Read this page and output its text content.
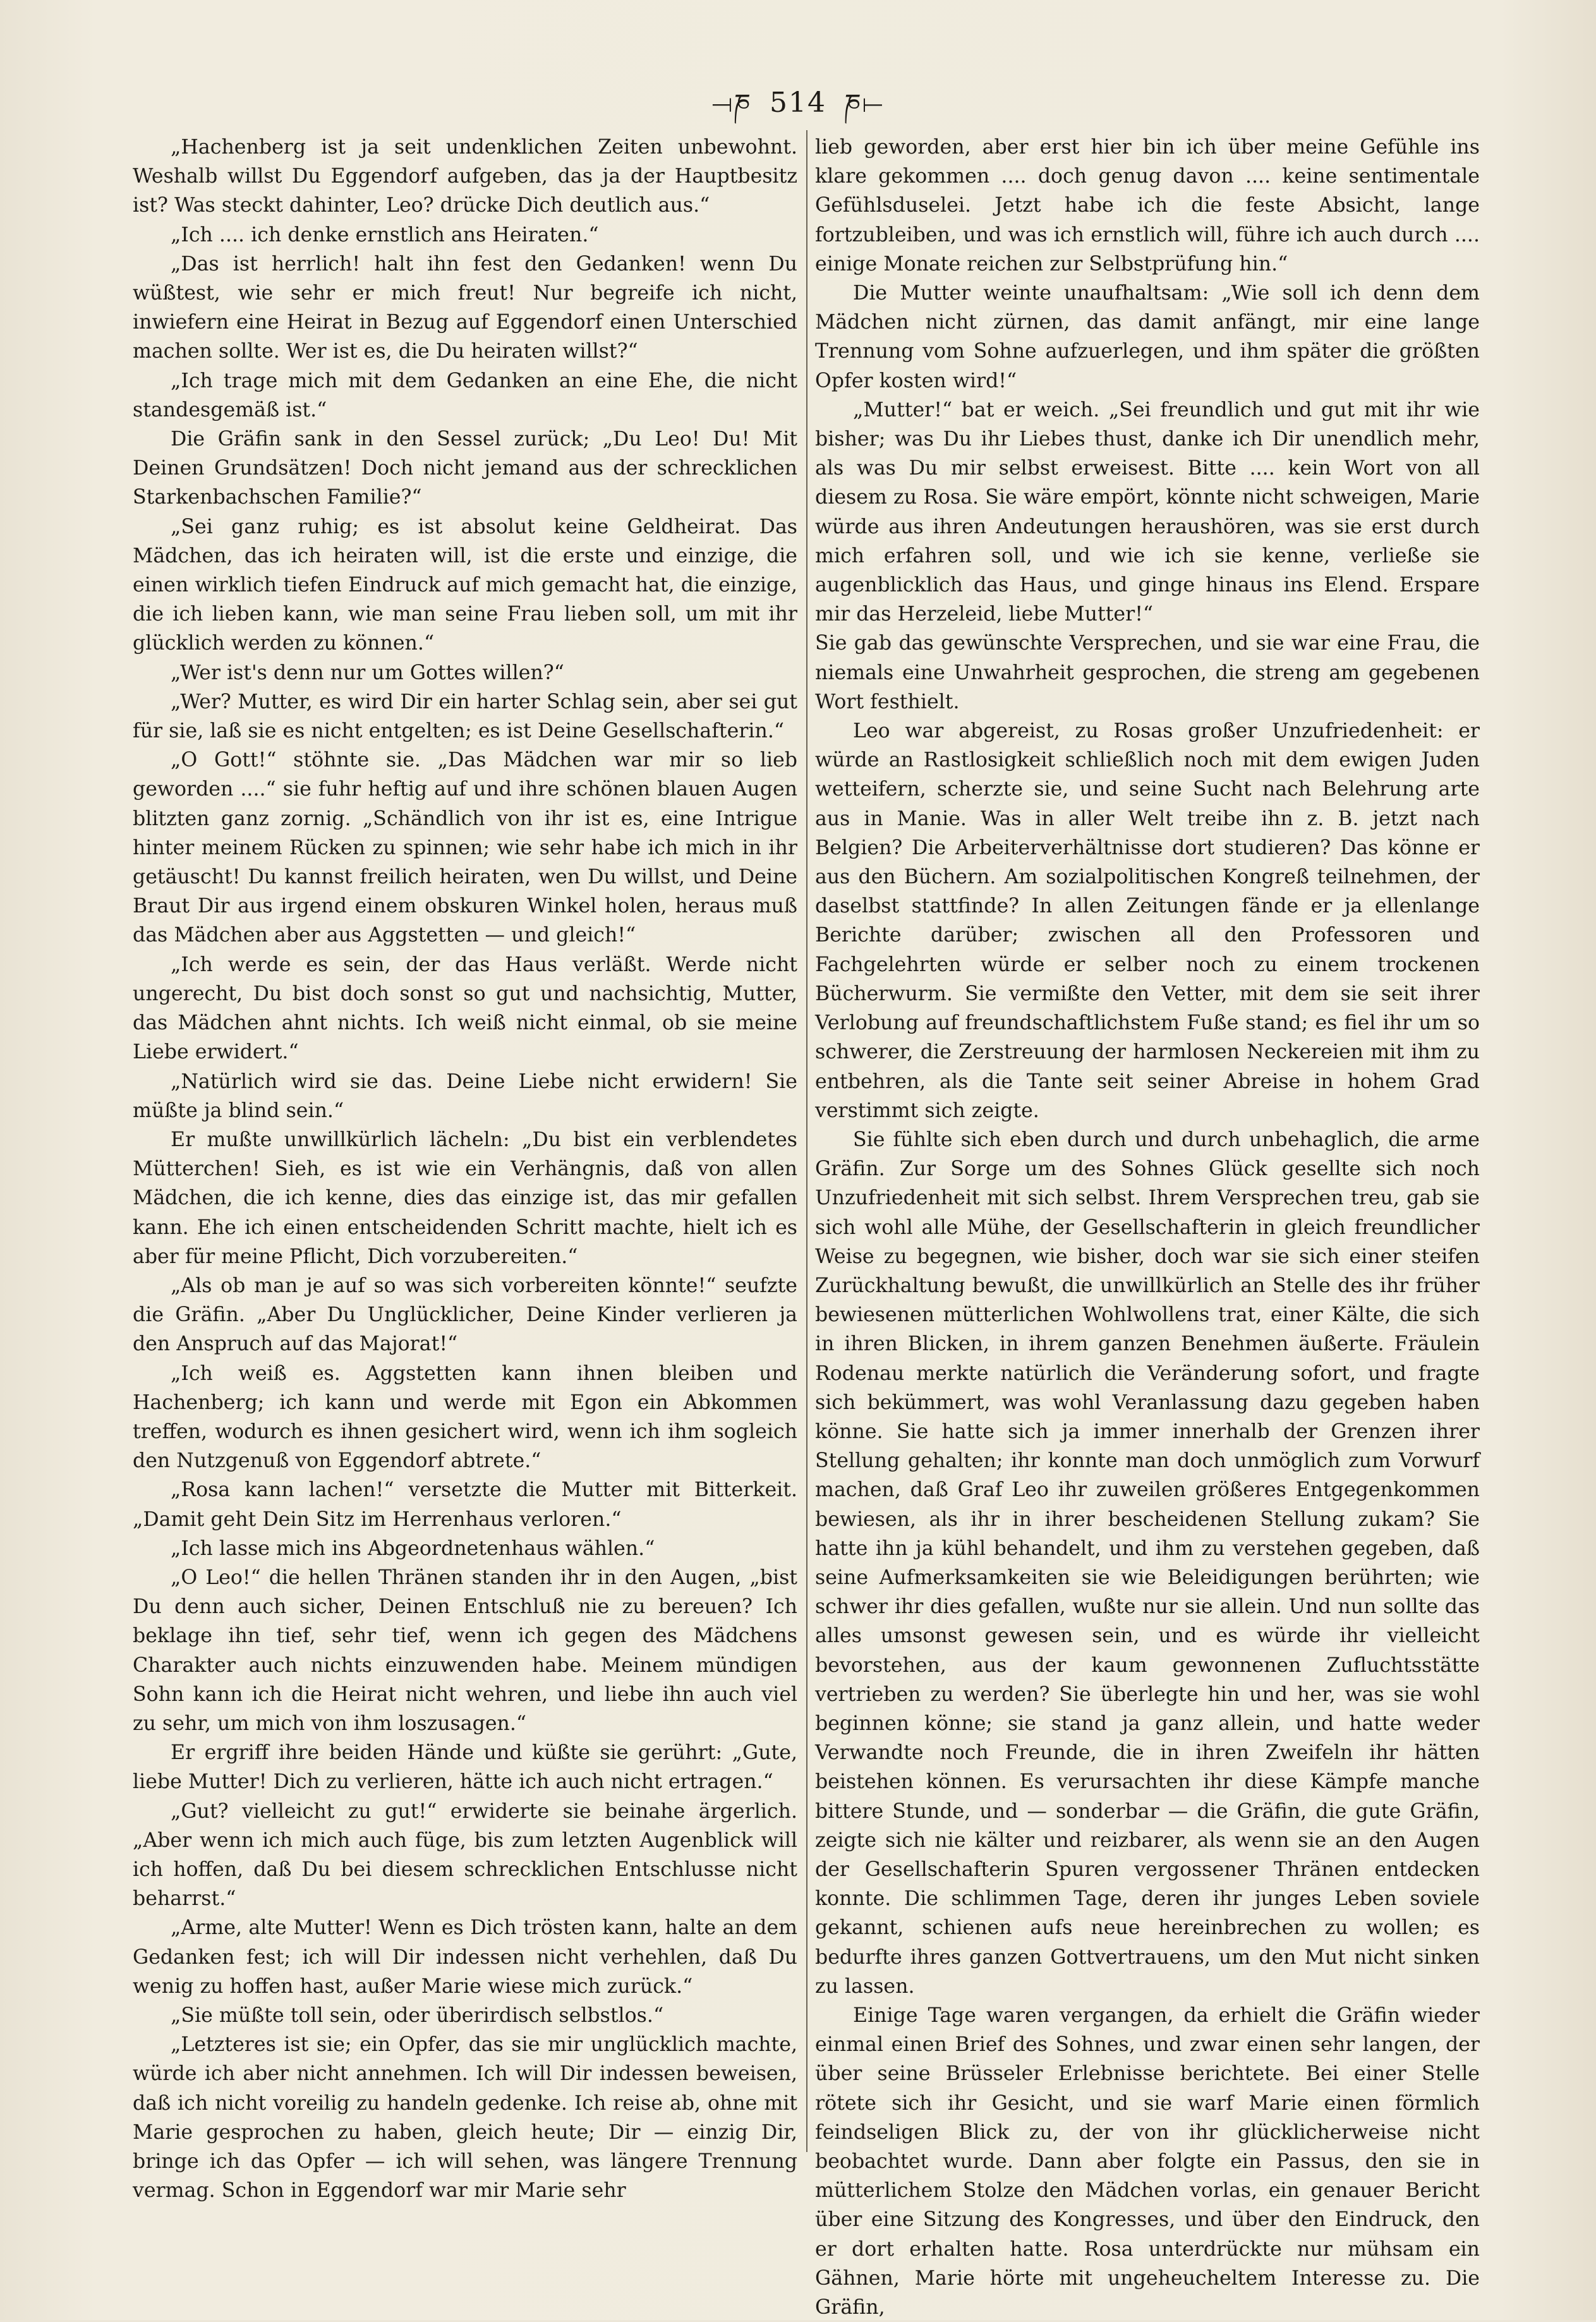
⟞ཎ 514 ཎ⟝

„Hachenberg ist ja seit undenklichen Zeiten unbewohnt. Weshalb willst Du Eggendorf aufgeben, das ja der Hauptbesitz ist? Was steckt dahinter, Leo? drücke Dich deutlich aus.“

„Ich .... ich denke ernstlich ans Heiraten.“

„Das ist herrlich! halt ihn fest den Gedanken! wenn Du wüßtest, wie sehr er mich freut! Nur begreife ich nicht, inwiefern eine Heirat in Bezug auf Eggendorf einen Unterschied machen sollte. Wer ist es, die Du heiraten willst?“

„Ich trage mich mit dem Gedanken an eine Ehe, die nicht standesgemäß ist.“

Die Gräfin sank in den Sessel zurück; „Du Leo! Du! Mit Deinen Grundsätzen! Doch nicht jemand aus der schrecklichen Starkenbachschen Familie?“

„Sei ganz ruhig; es ist absolut keine Geldheirat. Das Mädchen, das ich heiraten will, ist die erste und einzige, die einen wirklich tiefen Eindruck auf mich gemacht hat, die einzige, die ich lieben kann, wie man seine Frau lieben soll, um mit ihr glücklich werden zu können.“

„Wer ist's denn nur um Gottes willen?“

„Wer? Mutter, es wird Dir ein harter Schlag sein, aber sei gut für sie, laß sie es nicht entgelten; es ist Deine Gesellschafterin.“

„O Gott!“ stöhnte sie. „Das Mädchen war mir so lieb geworden ....“ sie fuhr heftig auf und ihre schönen blauen Augen blitzten ganz zornig. „Schändlich von ihr ist es, eine Intrigue hinter meinem Rücken zu spinnen; wie sehr habe ich mich in ihr getäuscht! Du kannst freilich heiraten, wen Du willst, und Deine Braut Dir aus irgend einem obskuren Winkel holen, heraus muß das Mädchen aber aus Aggstetten — und gleich!“

„Ich werde es sein, der das Haus verläßt. Werde nicht ungerecht, Du bist doch sonst so gut und nachsichtig, Mutter, das Mädchen ahnt nichts. Ich weiß nicht einmal, ob sie meine Liebe erwidert.“

„Natürlich wird sie das. Deine Liebe nicht erwidern! Sie müßte ja blind sein.“

Er mußte unwillkürlich lächeln: „Du bist ein verblendetes Mütterchen! Sieh, es ist wie ein Verhängnis, daß von allen Mädchen, die ich kenne, dies das einzige ist, das mir gefallen kann. Ehe ich einen entscheidenden Schritt machte, hielt ich es aber für meine Pflicht, Dich vorzubereiten.“

„Als ob man je auf so was sich vorbereiten könnte!“ seufzte die Gräfin. „Aber Du Unglücklicher, Deine Kinder verlieren ja den Anspruch auf das Majorat!“

„Ich weiß es. Aggstetten kann ihnen bleiben und Hachenberg; ich kann und werde mit Egon ein Abkommen treffen, wodurch es ihnen gesichert wird, wenn ich ihm sogleich den Nutzgenuß von Eggendorf abtrete.“

„Rosa kann lachen!“ versetzte die Mutter mit Bitterkeit. „Damit geht Dein Sitz im Herrenhaus verloren.“

„Ich lasse mich ins Abgeordnetenhaus wählen.“

„O Leo!“ die hellen Thränen standen ihr in den Augen, „bist Du denn auch sicher, Deinen Entschluß nie zu bereuen? Ich beklage ihn tief, sehr tief, wenn ich gegen des Mädchens Charakter auch nichts einzuwenden habe. Meinem mündigen Sohn kann ich die Heirat nicht wehren, und liebe ihn auch viel zu sehr, um mich von ihm loszusagen.“

Er ergriff ihre beiden Hände und küßte sie gerührt: „Gute, liebe Mutter! Dich zu verlieren, hätte ich auch nicht ertragen.“

„Gut? vielleicht zu gut!“ erwiderte sie beinahe ärgerlich. „Aber wenn ich mich auch füge, bis zum letzten Augenblick will ich hoffen, daß Du bei diesem schrecklichen Entschlusse nicht beharrst.“

„Arme, alte Mutter! Wenn es Dich trösten kann, halte an dem Gedanken fest; ich will Dir indessen nicht verhehlen, daß Du wenig zu hoffen hast, außer Marie wiese mich zurück.“

„Sie müßte toll sein, oder überirdisch selbstlos.“

„Letzteres ist sie; ein Opfer, das sie mir unglücklich machte, würde ich aber nicht annehmen. Ich will Dir indessen beweisen, daß ich nicht voreilig zu handeln gedenke. Ich reise ab, ohne mit Marie gesprochen zu haben, gleich heute; Dir — einzig Dir, bringe ich das Opfer — ich will sehen, was längere Trennung vermag. Schon in Eggendorf war mir Marie sehr

lieb geworden, aber erst hier bin ich über meine Gefühle ins klare gekommen .... doch genug davon .... keine sentimentale Gefühlsduselei. Jetzt habe ich die feste Absicht, lange fortzubleiben, und was ich ernstlich will, führe ich auch durch .... einige Monate reichen zur Selbstprüfung hin.“

Die Mutter weinte unaufhaltsam: „Wie soll ich denn dem Mädchen nicht zürnen, das damit anfängt, mir eine lange Trennung vom Sohne aufzuerlegen, und ihm später die größten Opfer kosten wird!“

„Mutter!“ bat er weich. „Sei freundlich und gut mit ihr wie bisher; was Du ihr Liebes thust, danke ich Dir unendlich mehr, als was Du mir selbst erweisest. Bitte .... kein Wort von all diesem zu Rosa. Sie wäre empört, könnte nicht schweigen, Marie würde aus ihren Andeutungen heraushören, was sie erst durch mich erfahren soll, und wie ich sie kenne, verließe sie augenblicklich das Haus, und ginge hinaus ins Elend. Erspare mir das Herzeleid, liebe Mutter!“

Sie gab das gewünschte Versprechen, und sie war eine Frau, die niemals eine Unwahrheit gesprochen, die streng am gegebenen Wort festhielt.

Leo war abgereist, zu Rosas großer Unzufriedenheit: er würde an Rastlosigkeit schließlich noch mit dem ewigen Juden wetteifern, scherzte sie, und seine Sucht nach Belehrung arte aus in Manie. Was in aller Welt treibe ihn z. B. jetzt nach Belgien? Die Arbeiterverhältnisse dort studieren? Das könne er aus den Büchern. Am sozialpolitischen Kongreß teilnehmen, der daselbst stattfinde? In allen Zeitungen fände er ja ellenlange Berichte darüber; zwischen all den Professoren und Fachgelehrten würde er selber noch zu einem trockenen Bücherwurm. Sie vermißte den Vetter, mit dem sie seit ihrer Verlobung auf freundschaftlichstem Fuße stand; es fiel ihr um so schwerer, die Zerstreuung der harmlosen Neckereien mit ihm zu entbehren, als die Tante seit seiner Abreise in hohem Grad verstimmt sich zeigte.

Sie fühlte sich eben durch und durch unbehaglich, die arme Gräfin. Zur Sorge um des Sohnes Glück gesellte sich noch Unzufriedenheit mit sich selbst. Ihrem Versprechen treu, gab sie sich wohl alle Mühe, der Gesellschafterin in gleich freundlicher Weise zu begegnen, wie bisher, doch war sie sich einer steifen Zurückhaltung bewußt, die unwillkürlich an Stelle des ihr früher bewiesenen mütterlichen Wohlwollens trat, einer Kälte, die sich in ihren Blicken, in ihrem ganzen Benehmen äußerte. Fräulein Rodenau merkte natürlich die Veränderung sofort, und fragte sich bekümmert, was wohl Veranlassung dazu gegeben haben könne. Sie hatte sich ja immer innerhalb der Grenzen ihrer Stellung gehalten; ihr konnte man doch unmöglich zum Vorwurf machen, daß Graf Leo ihr zuweilen größeres Entgegenkommen bewiesen, als ihr in ihrer bescheidenen Stellung zukam? Sie hatte ihn ja kühl behandelt, und ihm zu verstehen gegeben, daß seine Aufmerksamkeiten sie wie Beleidigungen berührten; wie schwer ihr dies gefallen, wußte nur sie allein. Und nun sollte das alles umsonst gewesen sein, und es würde ihr vielleicht bevorstehen, aus der kaum gewonnenen Zufluchtsstätte vertrieben zu werden? Sie überlegte hin und her, was sie wohl beginnen könne; sie stand ja ganz allein, und hatte weder Verwandte noch Freunde, die in ihren Zweifeln ihr hätten beistehen können. Es verursachten ihr diese Kämpfe manche bittere Stunde, und — sonderbar — die Gräfin, die gute Gräfin, zeigte sich nie kälter und reizbarer, als wenn sie an den Augen der Gesellschafterin Spuren vergossener Thränen entdecken konnte. Die schlimmen Tage, deren ihr junges Leben soviele gekannt, schienen aufs neue hereinbrechen zu wollen; es bedurfte ihres ganzen Gottvertrauens, um den Mut nicht sinken zu lassen.

Einige Tage waren vergangen, da erhielt die Gräfin wieder einmal einen Brief des Sohnes, und zwar einen sehr langen, der über seine Brüsseler Erlebnisse berichtete. Bei einer Stelle rötete sich ihr Gesicht, und sie warf Marie einen förmlich feindseligen Blick zu, der von ihr glücklicherweise nicht beobachtet wurde. Dann aber folgte ein Passus, den sie in mütterlichem Stolze den Mädchen vorlas, ein genauer Bericht über eine Sitzung des Kongresses, und über den Eindruck, den er dort erhalten hatte. Rosa unterdrückte nur mühsam ein Gähnen, Marie hörte mit ungeheucheltem Interesse zu. Die Gräfin,
